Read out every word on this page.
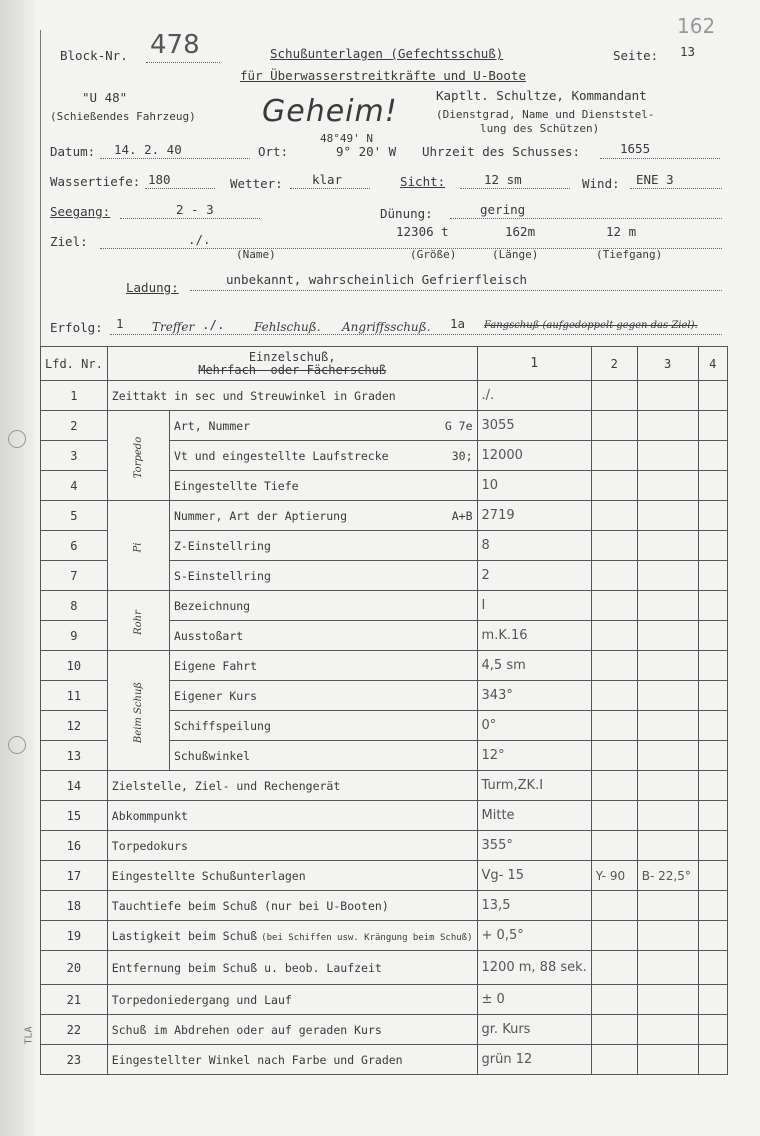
Block-Nr. 478	Schußunterlagen (Gefechtsschuß)
für Überwasserstreitkräfte und U-Boote
Seite: 13
162
"U 48"
(Schießendes Fahrzeug) Geheim!	Kaptlt. Schultze, Kommandant
(Dienstgrad, Name und Dienststel-
lung des Schützen)
Datum: 14. 2. 40	Ort:
48°49' N
9° 20' W Uhrzeit des Schusses:	1655
Wassertiefe: 180	Wetter: klar	Sicht:	12 sm	Wind: ENE 3
Seegang:	2 - 3	Dünung:	gering
Ziel:	./.
12306 t	162m	12 m
(Name)	(Größe)	(Länge)	(Tiefgang)
Ladung:
unbekannt, wahrscheinlich Gefrierfleisch
Erfolg: 1 Treffer ./. Fehlschuß. Angriffsschuß. 1a Fangschuß (aufgedoppelt gegen das Ziel).
Lfd. Nr.	Einzelschuß,
Mehrfach- oder Fächerschuß		1	2	3	4
1	Zeittakt in sec und Streuwinkel in Graden		./.			
2	Torpedo	Art, Nummer G 7e	3055			
3		Vt und eingestellte Laufstrecke 30;	12000			
4		Eingestellte Tiefe	10			
5	Pi	Nummer, Art der Aptierung A+B	2719			
6		Z-Einstellring	8			
7		S-Einstellring	2			
8	Rohr	Bezeichnung	I			
9		Ausstoßart	m.K.16			
10	Beim Schuß	Eigene Fahrt	4,5 sm			
11		Eigener Kurs	343°			
12		Schiffspeilung	0°			
13		Schußwinkel	12°			
14	Zielstelle, Ziel- und Rechengerät		Turm,ZK.I			
15	Abkommpunkt		Mitte			
16	Torpedokurs		355°			
17	Eingestellte Schußunterlagen		Vg- 15	Y- 90	B- 22,5°	
18	Tauchtiefe beim Schuß (nur bei U-Booten)		13,5			
19	Lastigkeit beim Schuß (bei Schiffen usw. Krängung beim Schuß)		+ 0,5°			
20	Entfernung beim Schuß u. beob. Laufzeit		1200 m, 88 sek.			
21	Torpedoniedergang und Lauf		± 0			
22	Schuß im Abdrehen oder auf geraden Kurs		gr. Kurs			
23	Eingestellter Winkel nach Farbe und Graden		grün 12			
TLA
